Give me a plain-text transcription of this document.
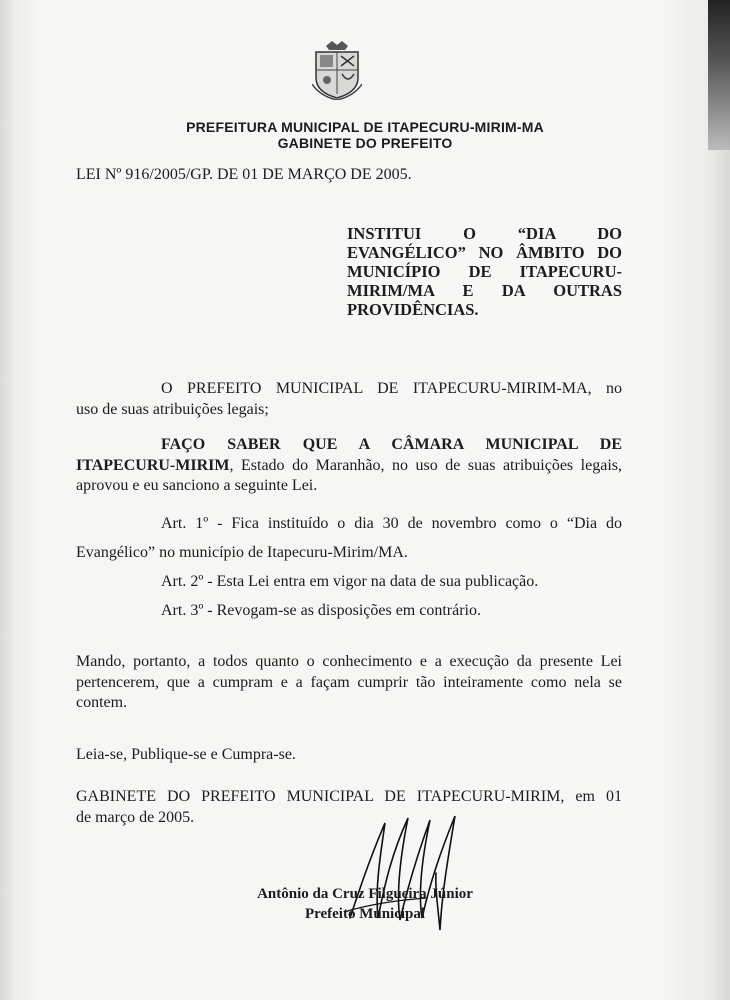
PREFEITURA MUNICIPAL DE ITAPECURU-MIRIM-MA
GABINETE DO PREFEITO
LEI Nº 916/2005/GP. DE 01 DE MARÇO DE 2005.
INSTITUI O “DIA DO
EVANGÉLICO” NO ÂMBITO DO
MUNICÍPIO DE ITAPECURU-
MIRIM/MA E DA OUTRAS
PROVIDÊNCIAS.
O PREFEITO MUNICIPAL DE ITAPECURU-MIRIM-MA, no
uso de suas atribuições legais;
FAÇO SABER QUE A CÂMARA MUNICIPAL DE
ITAPECURU-MIRIM, Estado do Maranhão, no uso de suas atribuições legais,
aprovou e eu sanciono a seguinte Lei.
Art. 1º - Fica instituído o dia 30 de novembro como o “Dia do
Evangélico” no município de Itapecuru-Mirim/MA.
Art. 2º - Esta Lei entra em vigor na data de sua publicação.
Art. 3º - Revogam-se as disposições em contrário.
Mando, portanto, a todos quanto o conhecimento e a execução da presente Lei
pertencerem, que a cumpram e a façam cumprir tão inteiramente como nela se
contem.
Leia-se, Publique-se e Cumpra-se.
GABINETE DO PREFEITO MUNICIPAL DE ITAPECURU-MIRIM, em 01
de março de 2005.
Antônio da Cruz Filgueira Júnior
Prefeito Municipal
